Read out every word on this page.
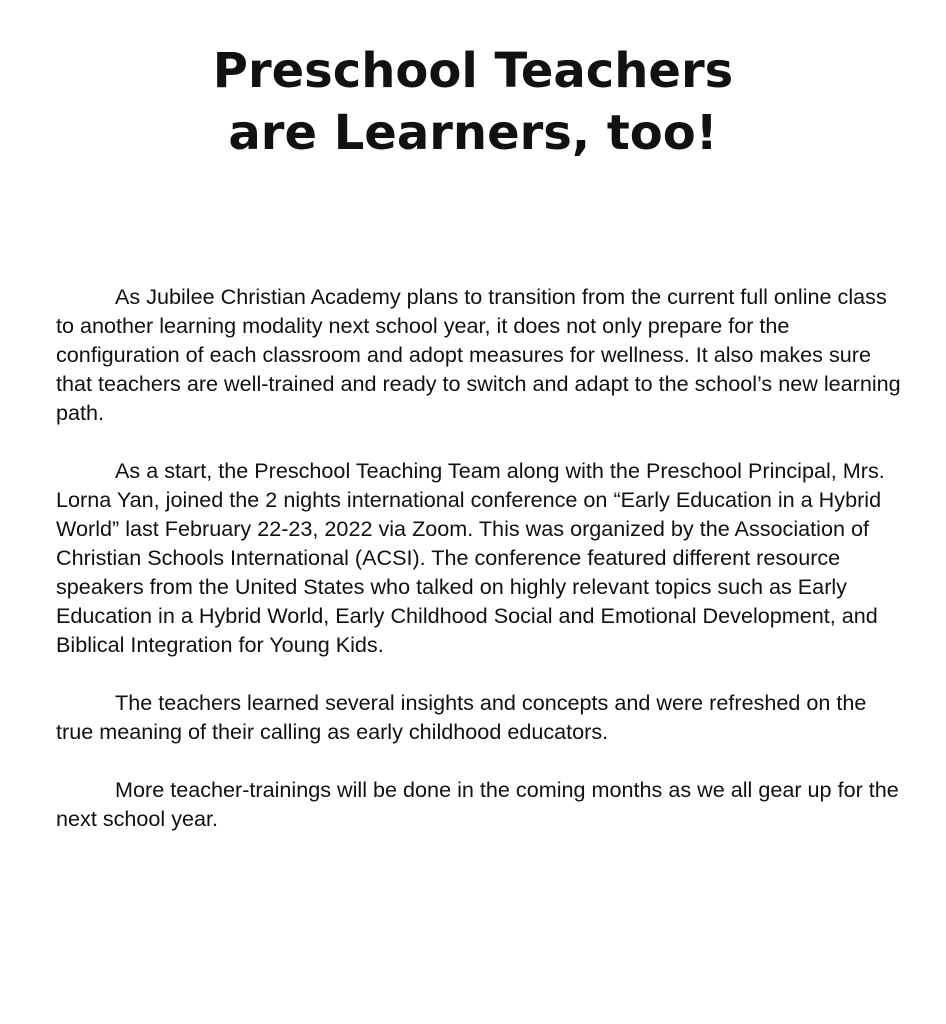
Preschool Teachers
are Learners, too!

As Jubilee Christian Academy plans to transition from the current full online class to another learning modality next school year, it does not only prepare for the configuration of each classroom and adopt measures for wellness. It also makes sure that teachers are well-trained and ready to switch and adapt to the school’s new learning path.

As a start, the Preschool Teaching Team along with the Preschool Principal, Mrs. Lorna Yan, joined the 2 nights international conference on “Early Education in a Hybrid World” last February 22-23, 2022 via Zoom. This was organized by the Association of Christian Schools International (ACSI). The conference featured different resource speakers from the United States who talked on highly relevant topics such as Early Education in a Hybrid World, Early Childhood Social and Emotional Development, and Biblical Integration for Young Kids.

The teachers learned several insights and concepts and were refreshed on the true meaning of their calling as early childhood educators.

More teacher-trainings will be done in the coming months as we all gear up for the next school year.
